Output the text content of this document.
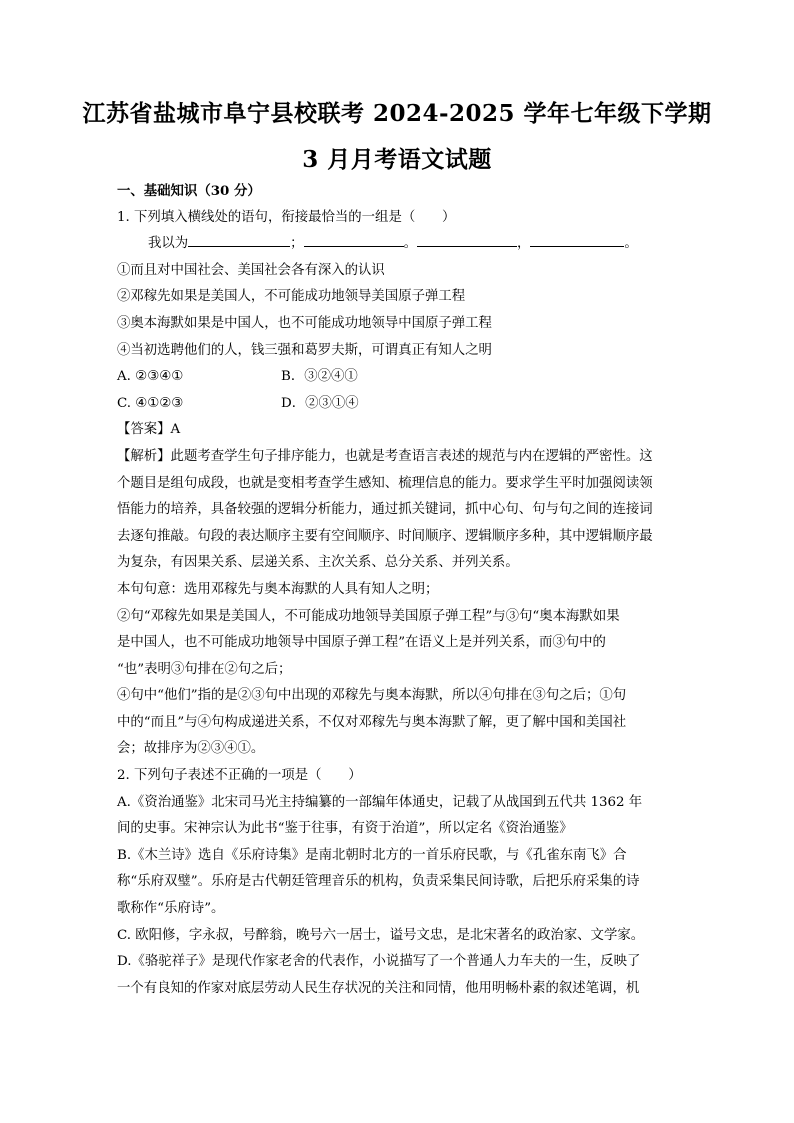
江苏省盐城市阜宁县校联考 2024-2025 学年七年级下学期
3 月月考语文试题
一、基础知识（30 分）
1. 下列填入横线处的语句，衔接最恰当的一组是（　　）
我以为	；	。	，	。
①而且对中国社会、美国社会各有深入的认识
②邓稼先如果是美国人，不可能成功地领导美国原子弹工程
③奥本海默如果是中国人，也不可能成功地领导中国原子弹工程
④当初选聘他们的人，钱三强和葛罗夫斯，可谓真正有知人之明
A. ②③④①	B．③②④①
C. ④①②③	D．②③①④
【答案】A
【解析】此题考查学生句子排序能力，也就是考查语言表述的规范与内在逻辑的严密性。这
个题目是组句成段，也就是变相考查学生感知、梳理信息的能力。要求学生平时加强阅读领
悟能力的培养，具备较强的逻辑分析能力，通过抓关键词，抓中心句、句与句之间的连接词
去逐句推敲。句段的表达顺序主要有空间顺序、时间顺序、逻辑顺序多种，其中逻辑顺序最
为复杂，有因果关系、层递关系、主次关系、总分关系、并列关系。
本句句意：选用邓稼先与奥本海默的人具有知人之明；
②句“邓稼先如果是美国人，不可能成功地领导美国原子弹工程”与③句“奥本海默如果
是中国人，也不可能成功地领导中国原子弹工程”在语义上是并列关系，而③句中的
“也”表明③句排在②句之后；
④句中“他们”指的是②③句中出现的邓稼先与奥本海默，所以④句排在③句之后；①句
中的“而且”与④句构成递进关系，不仅对邓稼先与奥本海默了解，更了解中国和美国社
会；故排序为②③④①。
2. 下列句子表述不正确的一项是（　　）
A.《资治通鉴》北宋司马光主持编纂的一部编年体通史，记载了从战国到五代共 1362 年
间的史事。宋神宗认为此书“鉴于往事，有资于治道”，所以定名《资治通鉴》
B.《木兰诗》选自《乐府诗集》是南北朝时北方的一首乐府民歌，与《孔雀东南飞》合
称“乐府双璧”。乐府是古代朝廷管理音乐的机构，负责采集民间诗歌，后把乐府采集的诗
歌称作“乐府诗”。
C. 欧阳修，字永叔，号醉翁，晚号六一居士，谥号文忠，是北宋著名的政治家、文学家。
D.《骆驼祥子》是现代作家老舍的代表作，小说描写了一个普通人力车夫的一生，反映了
一个有良知的作家对底层劳动人民生存状况的关注和同情，他用明畅朴素的叙述笔调，机
